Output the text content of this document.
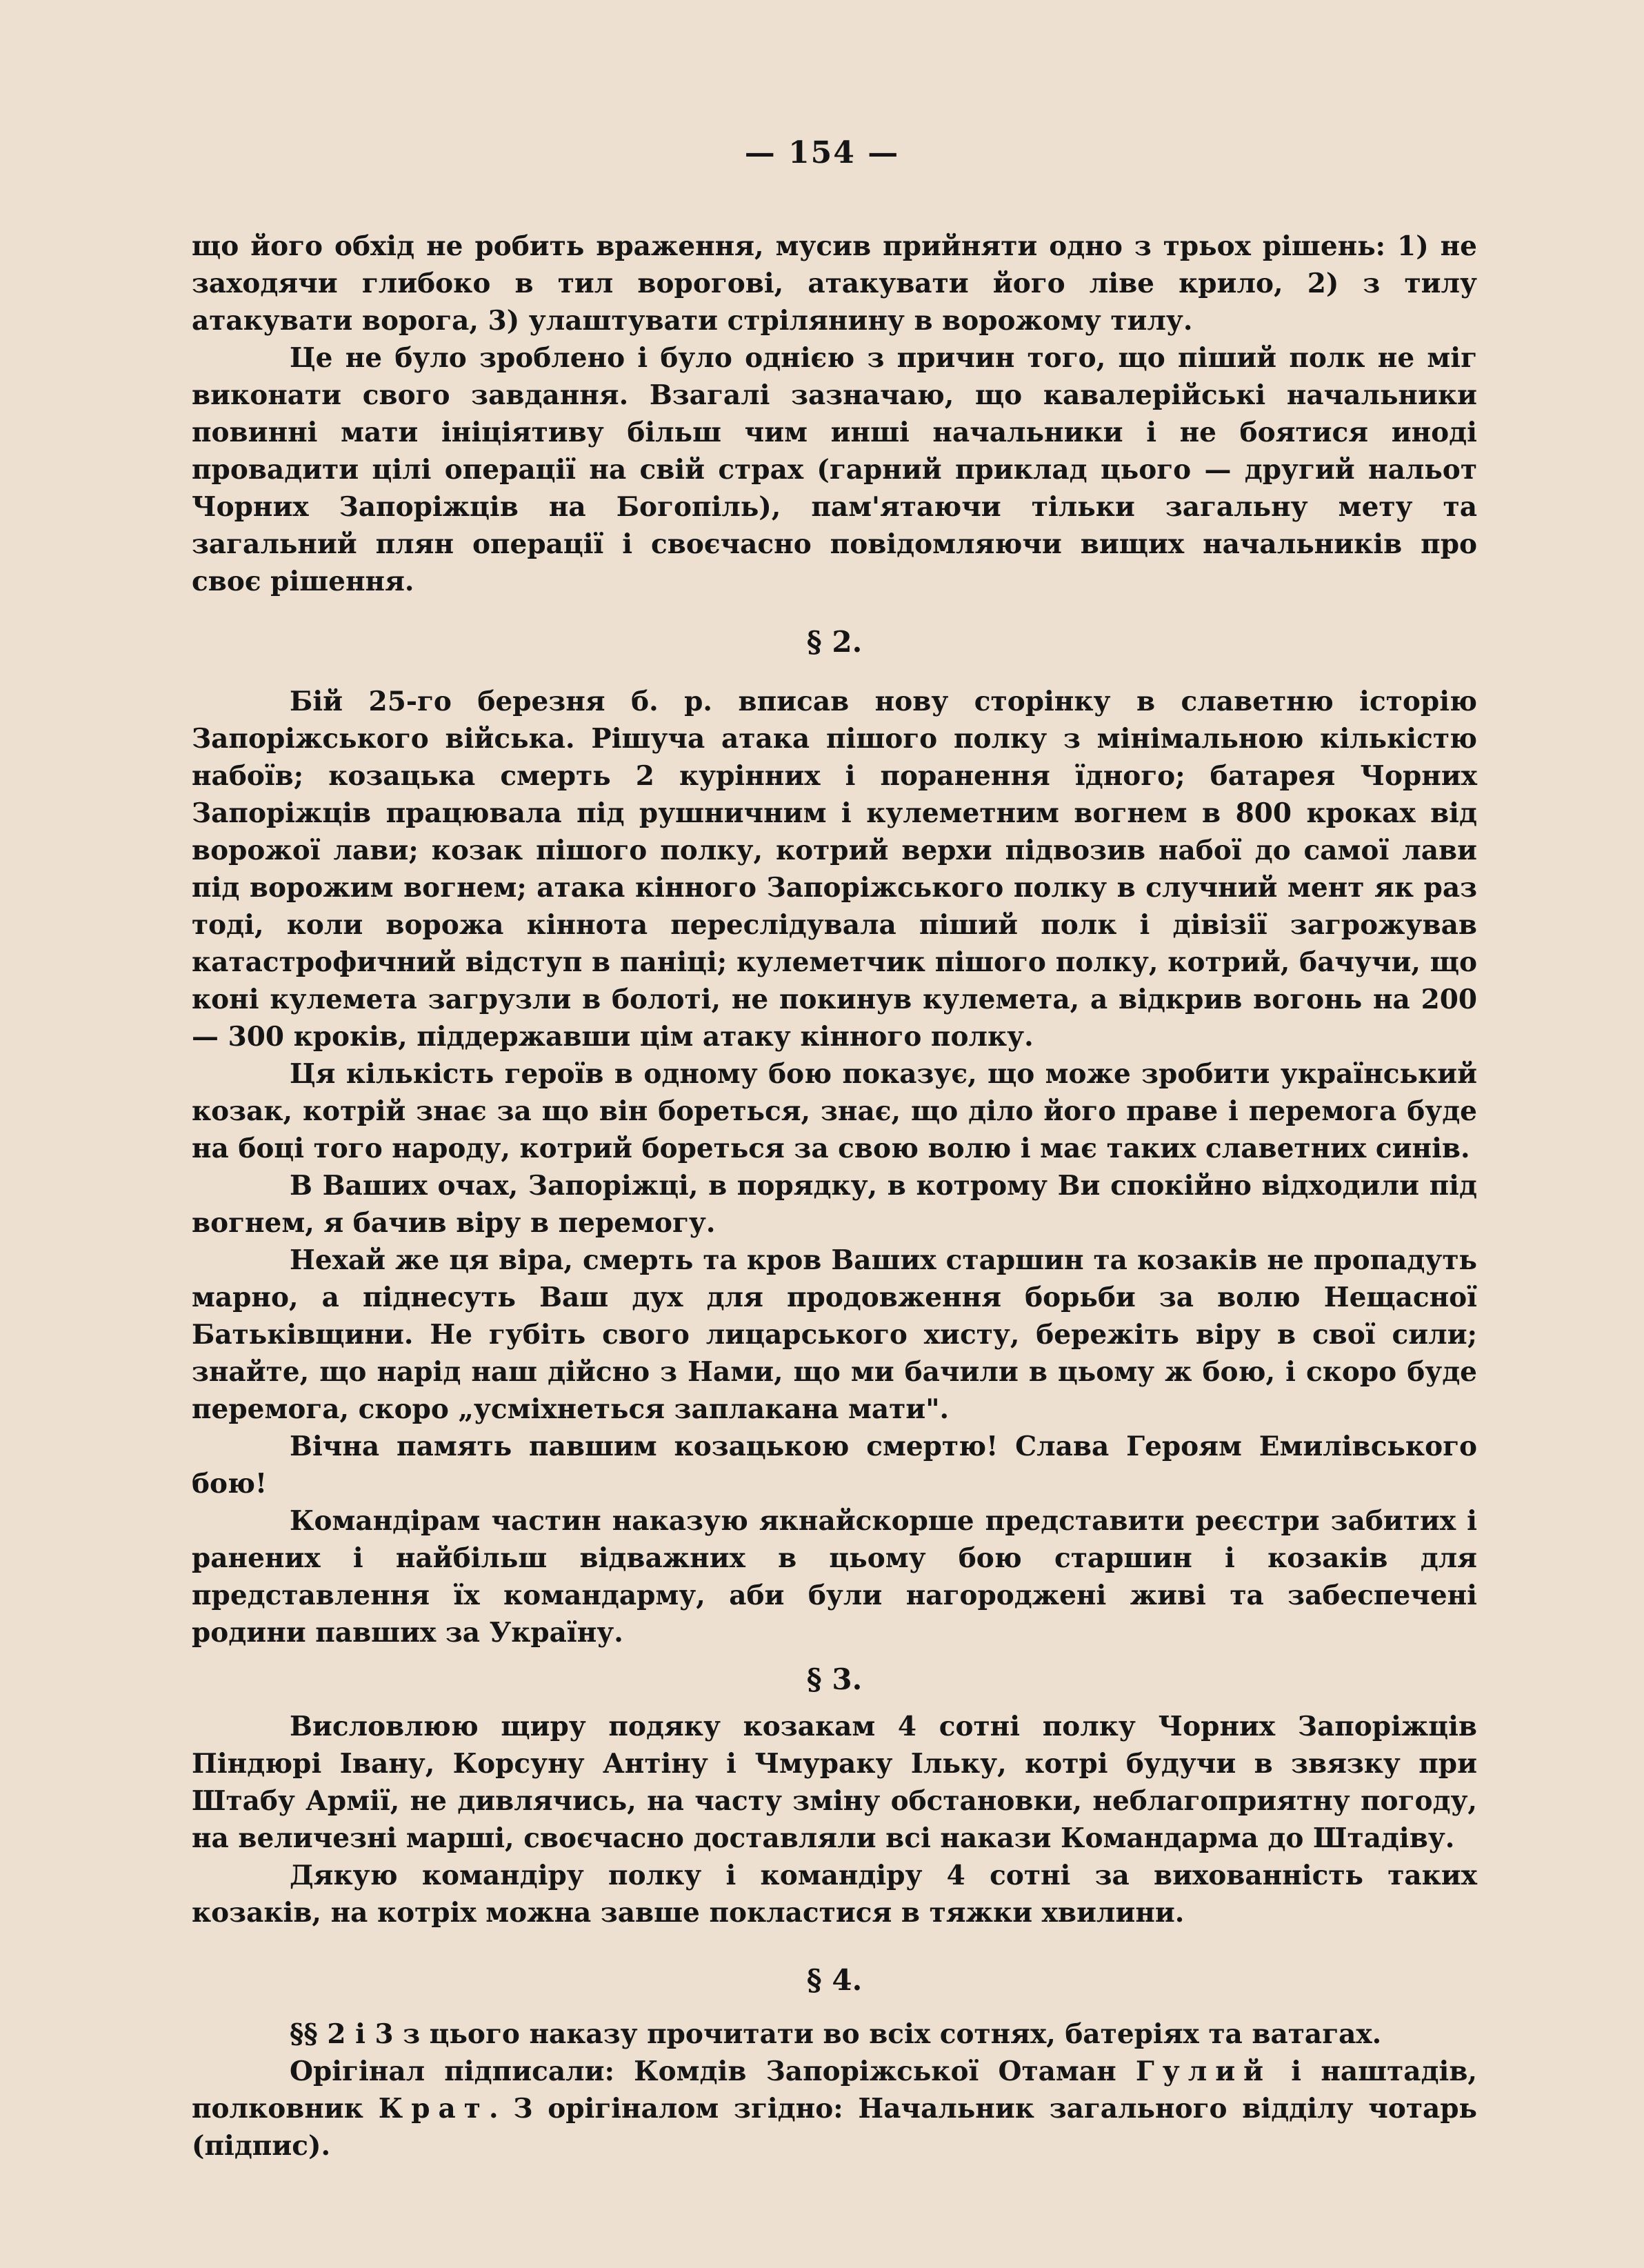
— 154 —

що його обхід не робить враження, мусив прийняти одно з трьох рішень: 1) не заходячи глибоко в тил ворогові, атакувати його ліве крило, 2) з тилу атакувати ворога, 3) улаштувати стрілянину в ворожому тилу.

Це не було зроблено і було однією з причин того, що піший полк не міг виконати свого завдання. Взагалі зазначаю, що кавалерійські начальники повинні мати ініціятиву більш чим инші начальники і не боятися иноді провадити цілі операції на свій страх (гарний приклад цього — другий нальот Чорних Запоріжців на Богопіль), пам'ятаючи тільки загальну мету та загальний плян операції і своєчасно повідомляючи вищих начальників про своє рішення.

§ 2.

Бій 25-го березня б. р. вписав нову сторінку в славетню історію Запоріжського війська. Рішуча атака пішого полку з мінімальною кількістю набоїв; козацька смерть 2 курінних і поранення їдного; батарея Чорних Запоріжців працювала під рушничним і кулеметним вогнем в 800 кроках від ворожої лави; козак пішого полку, котрий верхи підвозив набої до самої лави під ворожим вогнем; атака кінного Запоріжського полку в случний мент як раз тоді, коли ворожа кіннота переслідувала піший полк і дівізії загрожував катастрофичний відступ в паніці; кулеметчик пішого полку, котрий, бачучи, що коні кулемета загрузли в болоті, не покинув кулемета, а відкрив вогонь на 200 — 300 кроків, піддержавши цім атаку кінного полку.

Ця кількість героїв в одному бою показує, що може зробити український козак, котрій знає за що він бореться, знає, що діло його праве і перемога буде на боці того народу, котрий бореться за свою волю і має таких славетних синів.

В Ваших очах, Запоріжці, в порядку, в котрому Ви спокійно відходили під вогнем, я бачив віру в перемогу.

Нехай же ця віра, смерть та кров Ваших старшин та козаків не пропадуть марно, а піднесуть Ваш дух для продовження борьби за волю Нещасної Батьківщини. Не губіть свого лицарського хисту, бережіть віру в свої сили; знайте, що нарід наш дійсно з Нами, що ми бачили в цьому ж бою, і скоро буде перемога, скоро „усміхнеться заплакана мати".

Вічна память павшим козацькою смертю! Слава Героям Емилівського бою!

Командірам частин наказую якнайскорше представити реєстри забитих і ранених і найбільш відважних в цьому бою старшин і козаків для представлення їх командарму, аби були нагороджені живі та забеспечені родини павших за Україну.

§ 3.

Висловлюю щиру подяку козакам 4 сотні полку Чорних Запоріжців Піндюрі Івану, Корсуну Антіну і Чмураку Ільку, котрі будучи в звязку при Штабу Армії, не дивлячись, на часту зміну обстановки, неблагоприятну погоду, на величезні марші, своєчасно доставляли всі накази Командарма до Штадіву.

Дякую командіру полку і командіру 4 сотні за вихованність таких козаків, на котріх можна завше покластися в тяжки хвилини.

§ 4.

§§ 2 і 3 з цього наказу прочитати во всіх сотнях, батеріях та ватагах.

Орігінал підписали: Комдів Запоріжської Отаман Гулий і наштадів, полковник Крат. З орігіналом згідно: Начальник загального відділу чотарь (підпис).
